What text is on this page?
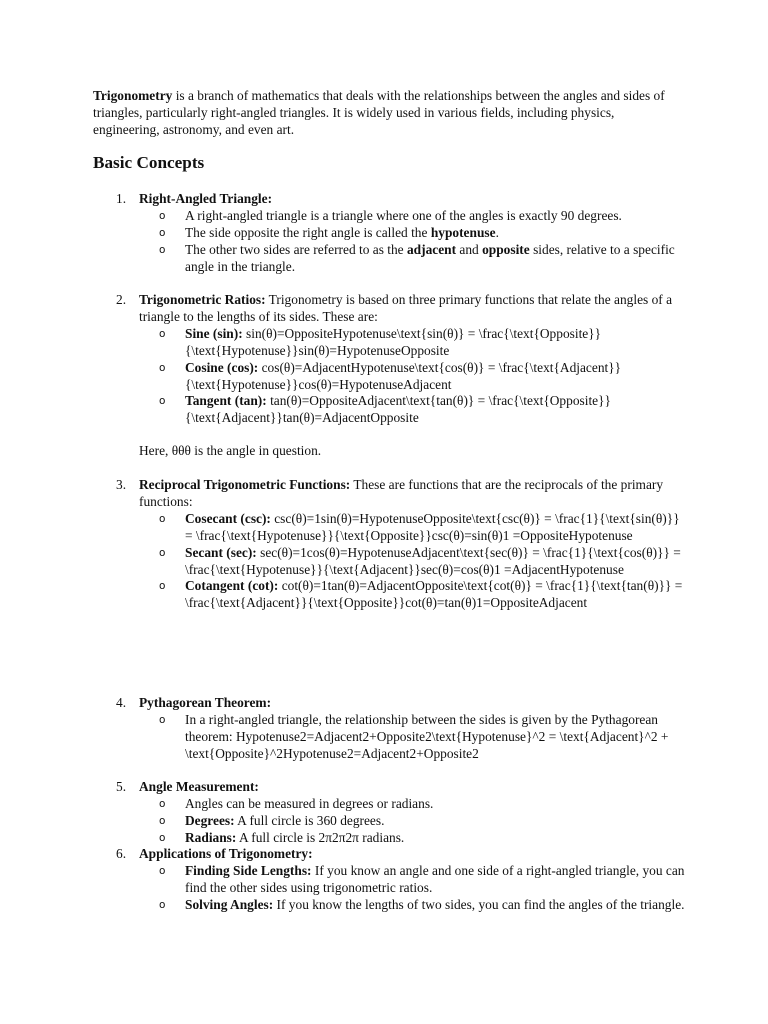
Trigonometry is a branch of mathematics that deals with the relationships between the angles and sides of triangles, particularly right-angled triangles. It is widely used in various fields, including physics, engineering, astronomy, and even art.

Basic Concepts
1. Right-Angled Triangle:
o A right-angled triangle is a triangle where one of the angles is exactly 90 degrees.
o The side opposite the right angle is called the hypotenuse.
o The other two sides are referred to as the adjacent and opposite sides, relative to a specific angle in the triangle.
2. Trigonometric Ratios: Trigonometry is based on three primary functions that relate the angles of a triangle to the lengths of its sides. These are:
o Sine (sin): sin(θ)=OppositeHypotenuse\text{sin(θ)} = \frac{\text{Opposite}}{\text{Hypotenuse}}sin(θ)=HypotenuseOpposite
o Cosine (cos): cos(θ)=AdjacentHypotenuse\text{cos(θ)} = \frac{\text{Adjacent}}{\text{Hypotenuse}}cos(θ)=HypotenuseAdjacent
o Tangent (tan): tan(θ)=OppositeAdjacent\text{tan(θ)} = \frac{\text{Opposite}}{\text{Adjacent}}tan(θ)=AdjacentOpposite

Here, θθθ is the angle in question.

3. Reciprocal Trigonometric Functions: These are functions that are the reciprocals of the primary functions:
o Cosecant (csc): csc(θ)=1sin(θ)=HypotenuseOpposite\text{csc(θ)} = \frac{1}{\text{sin(θ)}} = \frac{\text{Hypotenuse}}{\text{Opposite}}csc(θ)=sin(θ)1 =OppositeHypotenuse
o Secant (sec): sec(θ)=1cos(θ)=HypotenuseAdjacent\text{sec(θ)} = \frac{1}{\text{cos(θ)}} = \frac{\text{Hypotenuse}}{\text{Adjacent}}sec(θ)=cos(θ)1 =AdjacentHypotenuse
o Cotangent (cot): cot(θ)=1tan(θ)=AdjacentOpposite\text{cot(θ)} = \frac{1}{\text{tan(θ)}} = \frac{\text{Adjacent}}{\text{Opposite}}cot(θ)=tan(θ)1=OppositeAdjacent
4. Pythagorean Theorem:
o In a right-angled triangle, the relationship between the sides is given by the Pythagorean theorem: Hypotenuse2=Adjacent2+Opposite2\text{Hypotenuse}^2 = \text{Adjacent}^2 + \text{Opposite}^2Hypotenuse2=Adjacent2+Opposite2
5. Angle Measurement:
o Angles can be measured in degrees or radians.
o Degrees: A full circle is 360 degrees.
o Radians: A full circle is 2π2π2π radians.
6. Applications of Trigonometry:
o Finding Side Lengths: If you know an angle and one side of a right-angled triangle, you can find the other sides using trigonometric ratios.
o Solving Angles: If you know the lengths of two sides, you can find the angles of the triangle.
